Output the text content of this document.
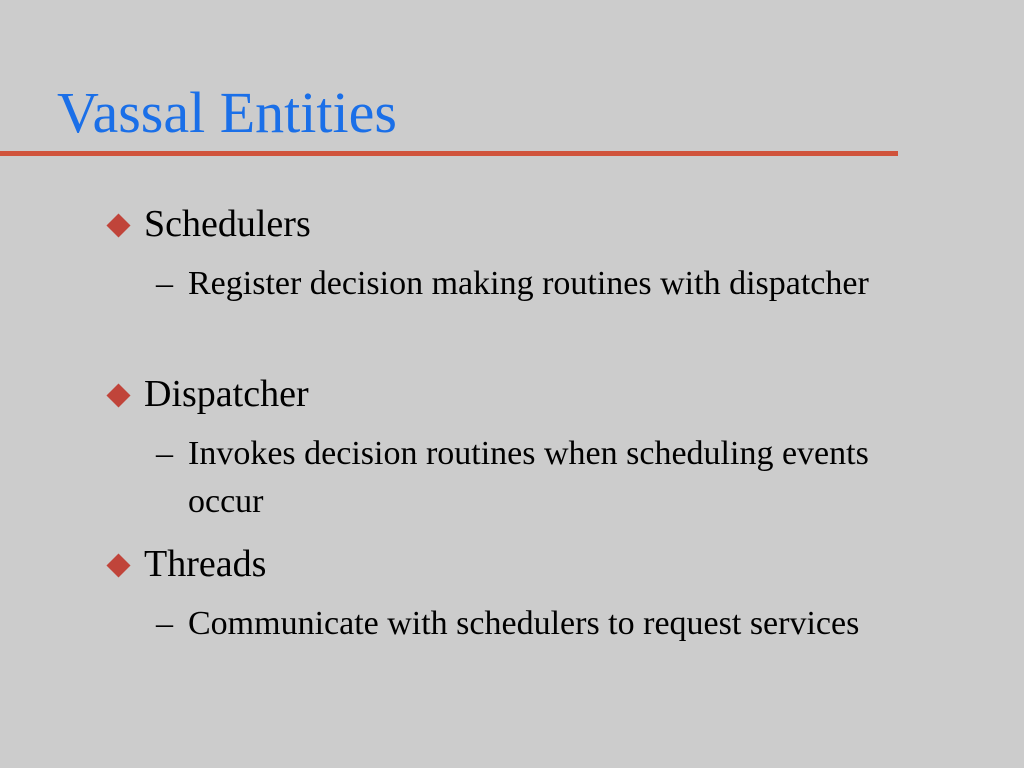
Vassal Entities
Schedulers
– Register decision making routines with dispatcher
Dispatcher
– Invokes decision routines when scheduling events occur
Threads
– Communicate with schedulers to request services
